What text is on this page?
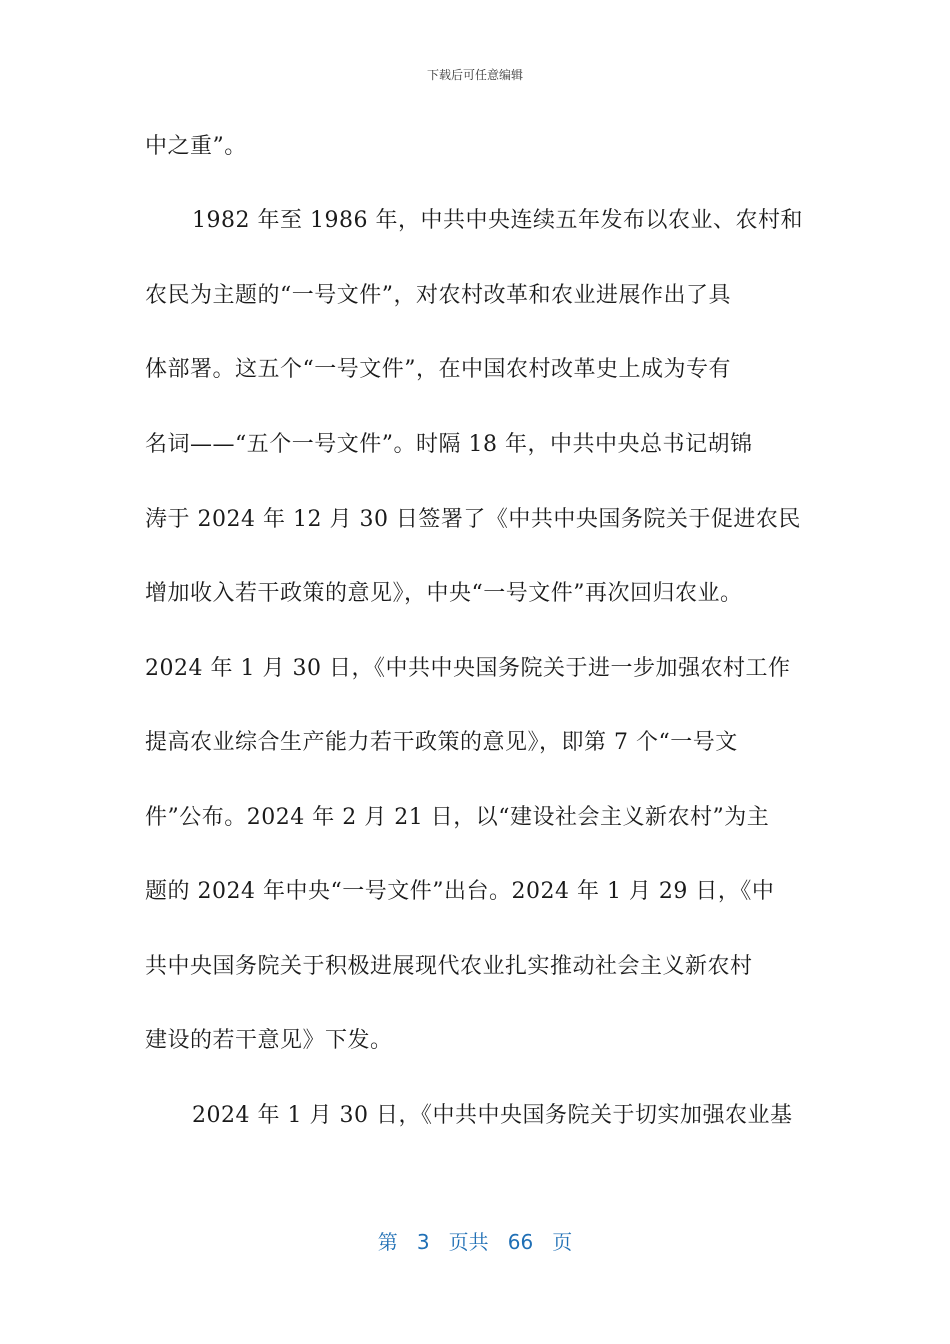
下载后可任意编辑
中之重”。
1982 年至 1986 年，中共中央连续五年发布以农业、农村和
农民为主题的“一号文件”，对农村改革和农业进展作出了具
体部署。这五个“一号文件”，在中国农村改革史上成为专有
名词——“五个一号文件”。时隔 18 年，中共中央总书记胡锦
涛于 2024 年 12 月 30 日签署了《中共中央国务院关于促进农民
增加收入若干政策的意见》，中央“一号文件”再次回归农业。
2024 年 1 月 30 日，《中共中央国务院关于进一步加强农村工作
提高农业综合生产能力若干政策的意见》，即第 7 个“一号文
件”公布。2024 年 2 月 21 日，以“建设社会主义新农村”为主
题的 2024 年中央“一号文件”出台。2024 年 1 月 29 日，《中
共中央国务院关于积极进展现代农业扎实推动社会主义新农村
建设的若干意见》下发。
2024 年 1 月 30 日，《中共中央国务院关于切实加强农业基
第 3 页共 66 页
